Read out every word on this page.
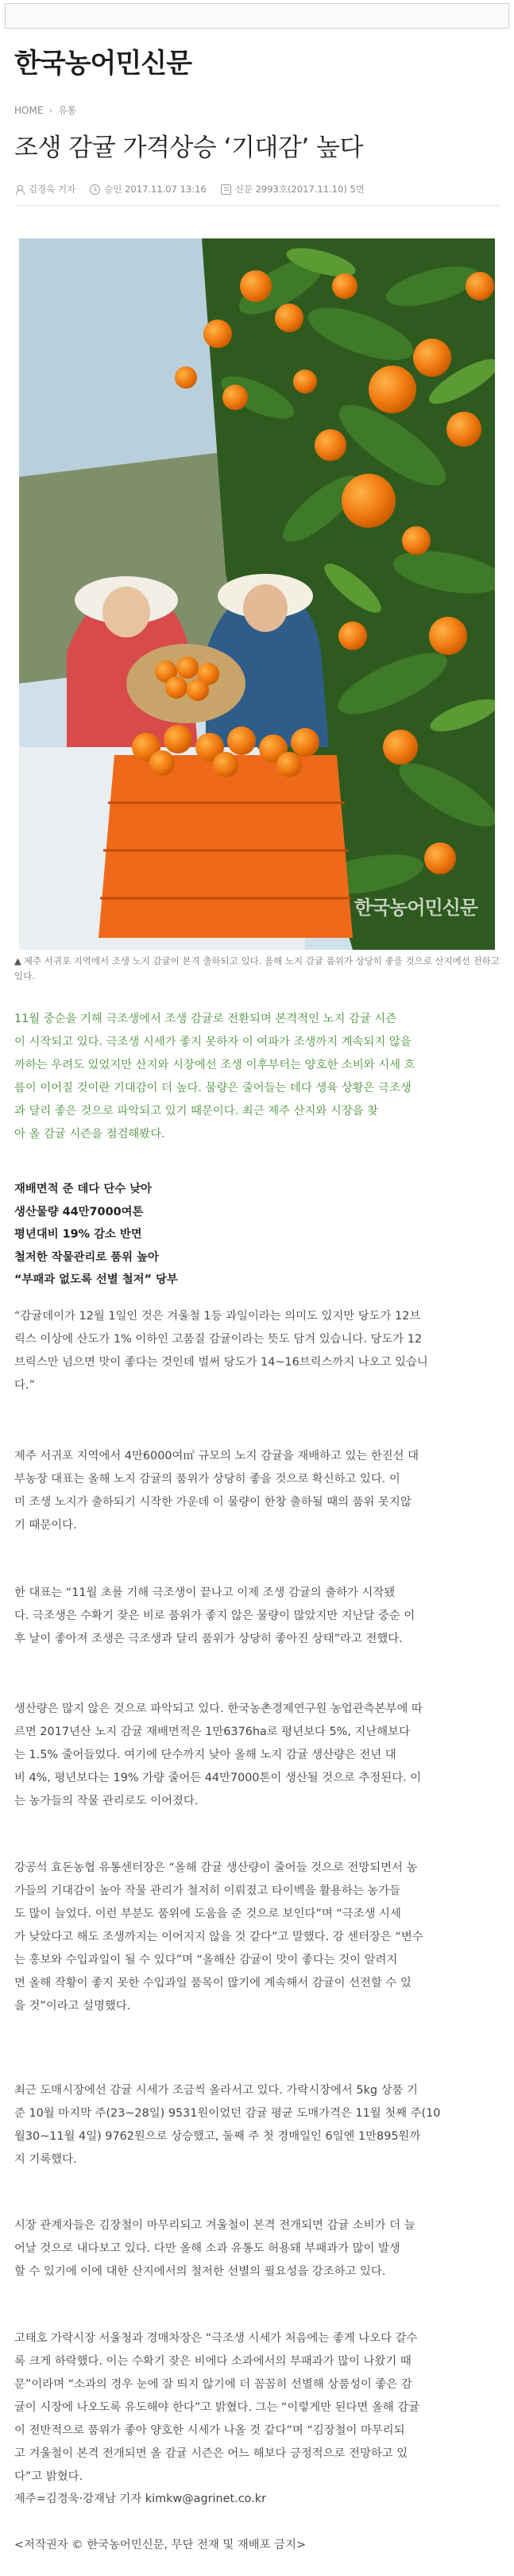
한국농어민신문
HOME › 유통
조생 감귤 가격상승 ‘기대감’ 높다
김경욱 기자	승인 2017.11.07 13:16	신문 2993호(2017.11.10) 5면
한국농어민신문

▲ 제주 서귀포 지역에서 조생 노지 감귤이 본격 출하되고 있다. 올해 노지 감귤 품위가 상당히 좋을 것으로 산지에선 전하고 있다.

11월 중순을 기해 극조생에서 조생 감귤로 전환되며 본격적인 노지 감귤 시즌
이 시작되고 있다. 극조생 시세가 좋지 못하자 이 여파가 조생까지 계속되지 않을
까하는 우려도 있었지만 산지와 시장에선 조생 이후부터는 양호한 소비와 시세 흐
름이 이어질 것이란 기대감이 더 높다. 물량은 줄어들는 데다 생육 상황은 극조생
과 달리 좋은 것으로 파악되고 있기 때문이다. 최근 제주 산지와 시장을 찾
아 올 감귤 시즌을 점검해봤다.
재배면적 준 데다 단수 낮아
생산물량 44만7000여톤
평년대비 19% 감소 반면
철저한 작물관리로 품위 높아
“부패과 없도록 선별 철저” 당부
“감귤데이가 12월 1일인 것은 겨울철 1등 과일이라는 의미도 있지만 당도가 12브
릭스 이상에 산도가 1% 이하인 고품질 감귤이라는 뜻도 담겨 있습니다. 당도가 12
브릭스만 넘으면 맛이 좋다는 것인데 벌써 당도가 14~16브릭스까지 나오고 있습니
다.”
제주 서귀포 지역에서 4만6000여㎡ 규모의 노지 감귤을 재배하고 있는 한진선 대
부농장 대표는 올해 노지 감귤의 품위가 상당히 좋을 것으로 확신하고 있다. 이
미 조생 노지가 출하되기 시작한 가운데 이 물량이 한창 출하될 때의 품위 못지않
기 때문이다.
한 대표는 “11월 초를 기해 극조생이 끝나고 이제 조생 감귤의 출하가 시작됐
다. 극조생은 수확기 잦은 비로 품위가 좋지 않은 물량이 많았지만 지난달 중순 이
후 날이 좋아져 조생은 극조생과 달리 품위가 상당히 좋아진 상태”라고 전했다.
생산량은 많지 않은 것으로 파악되고 있다. 한국농촌경제연구원 농업관측본부에 따
르면 2017년산 노지 감귤 재배면적은 1만6376ha로 평년보다 5%, 지난해보다
는 1.5% 줄어들었다. 여기에 단수까지 낮아 올해 노지 감귤 생산량은 전년 대
비 4%, 평년보다는 19% 가량 줄어든 44만7000톤이 생산될 것으로 추정된다. 이
는 농가들의 작물 관리로도 이어졌다.
강공석 효돈농협 유통센터장은 “올해 감귤 생산량이 줄어들 것으로 전망되면서 농
가들의 기대감이 높아 작물 관리가 철저히 이뤄졌고 타이벡을 활용하는 농가들
도 많이 늘었다. 이런 부분도 품위에 도움을 준 것으로 보인다”며 “극조생 시세
가 낮았다고 해도 조생까지는 이어지지 않을 것 같다”고 말했다. 강 센터장은 “변수
는 홍보와 수입과일이 될 수 있다”며 “올해산 감귤이 맛이 좋다는 것이 알려지
면 올해 작황이 좋지 못한 수입과일 품목이 많기에 계속해서 감귤이 선전할 수 있
을 것”이라고 설명했다.
최근 도매시장에선 감귤 시세가 조금씩 올라서고 있다. 가락시장에서 5kg 상품 기
준 10월 마지막 주(23~28일) 9531원이었던 감귤 평균 도매가격은 11월 첫째 주(10
월30~11월 4일) 9762원으로 상승했고, 둘째 주 첫 경매일인 6일엔 1만895원까
지 기록했다.
시장 관계자들은 김장철이 마무리되고 겨울철이 본격 전개되면 감귤 소비가 더 늘
어날 것으로 내다보고 있다. 다만 올해 소과 유통도 허용돼 부패과가 많이 발생
할 수 있기에 이에 대한 산지에서의 철저한 선별의 필요성을 강조하고 있다.
고태호 가락시장 서울청과 경매차장은 “극조생 시세가 처음에는 좋게 나오다 갈수
록 크게 하락했다. 이는 수확기 잦은 비에다 소과에서의 부패과가 많이 나왔기 때
문”이라며 “소과의 경우 눈에 잘 띄지 않기에 더 꼼꼼히 선별해 상품성이 좋은 감
귤이 시장에 나오도록 유도해야 한다”고 밝혔다. 그는 “이렇게만 된다면 올해 감귤
이 전반적으로 품위가 좋아 양호한 시세가 나올 것 같다”며 “김장철이 마무리되
고 겨울철이 본격 전개되면 올 감귤 시즌은 어느 해보다 긍정적으로 전망하고 있
다”고 밝혔다.
제주=김경욱·강재남 기자 kimkw@agrinet.co.kr
<저작권자 © 한국농어민신문, 무단 전재 및 재배포 금지>
